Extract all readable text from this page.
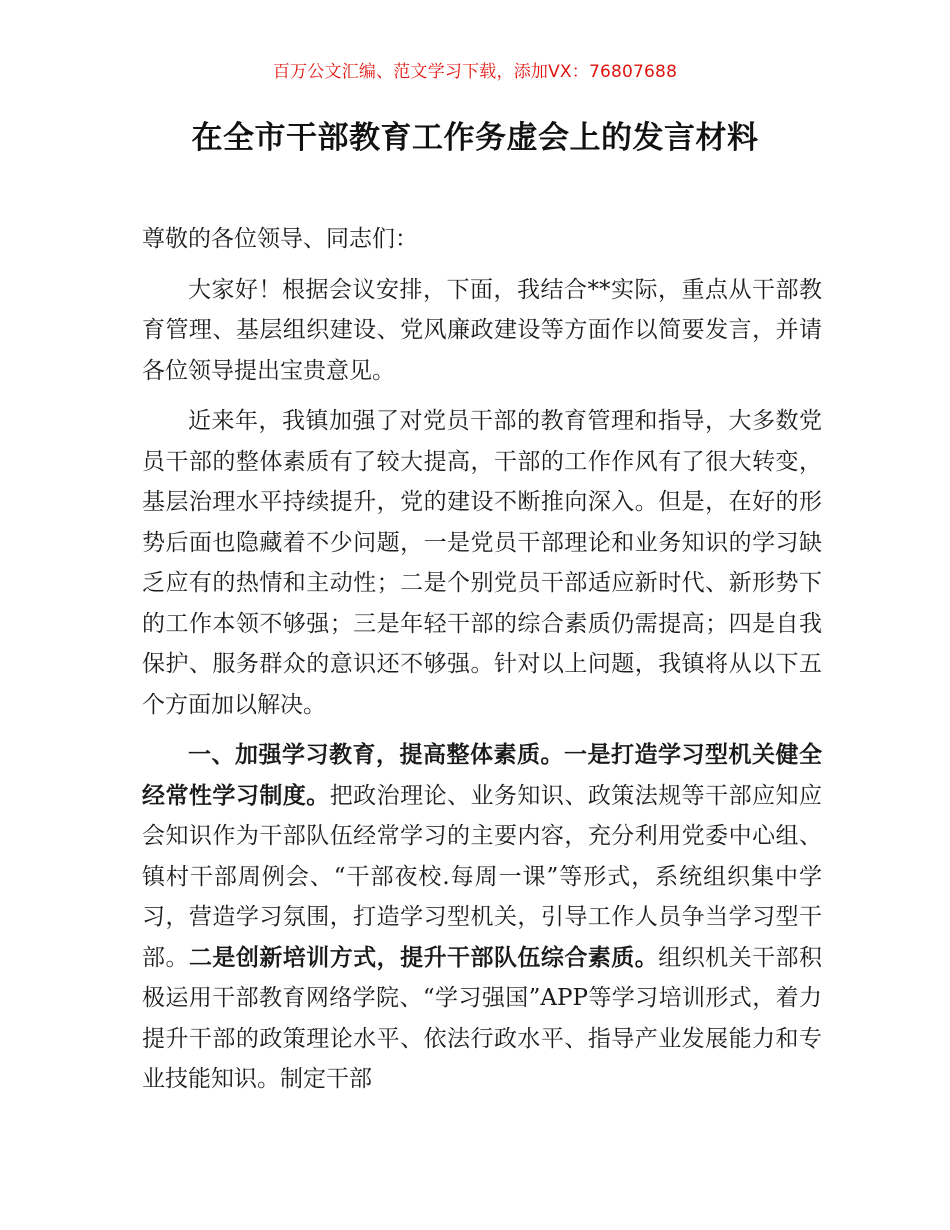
百万公文汇编、范文学习下载，添加VX：76807688
在全市干部教育工作务虚会上的发言材料

尊敬的各位领导、同志们：

大家好！根据会议安排，下面，我结合**实际，重点从干部教育管理、基层组织建设、党风廉政建设等方面作以简要发言，并请各位领导提出宝贵意见。

近来年，我镇加强了对党员干部的教育管理和指导，大多数党员干部的整体素质有了较大提高，干部的工作作风有了很大转变，基层治理水平持续提升，党的建设不断推向深入。但是，在好的形势后面也隐藏着不少问题，一是党员干部理论和业务知识的学习缺乏应有的热情和主动性；二是个别党员干部适应新时代、新形势下的工作本领不够强；三是年轻干部的综合素质仍需提高；四是自我保护、服务群众的意识还不够强。针对以上问题，我镇将从以下五个方面加以解决。

一、加强学习教育，提高整体素质。一是打造学习型机关健全经常性学习制度。把政治理论、业务知识、政策法规等干部应知应会知识作为干部队伍经常学习的主要内容，充分利用党委中心组、镇村干部周例会、“干部夜校.每周一课”等形式，系统组织集中学习，营造学习氛围，打造学习型机关，引导工作人员争当学习型干部。二是创新培训方式，提升干部队伍综合素质。组织机关干部积极运用干部教育网络学院、“学习强国”APP等学习培训形式，着力提升干部的政策理论水平、依法行政水平、指导产业发展能力和专业技能知识。制定干部
